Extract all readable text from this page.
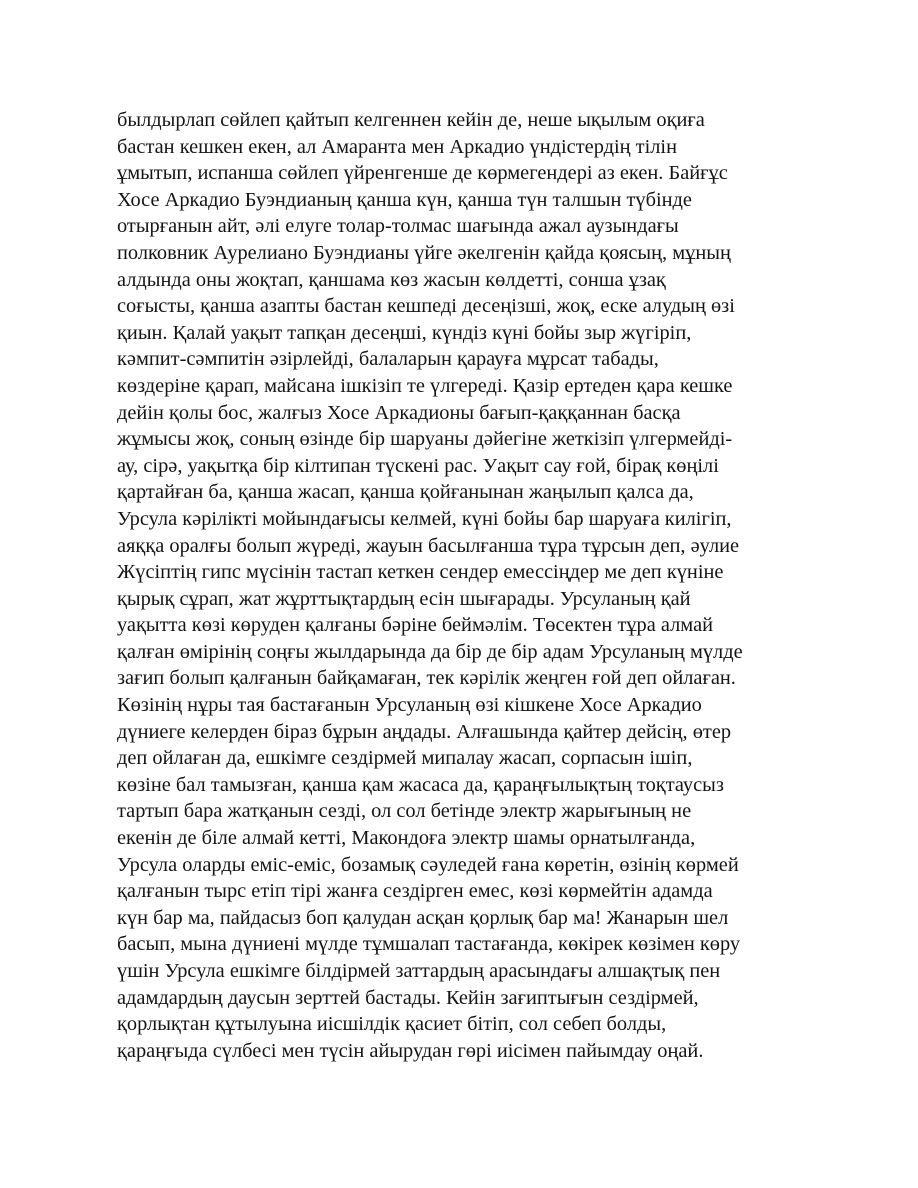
былдырлап сөйлеп қайтып келгеннен кейін де, неше ықылым оқиға
бастан кешкен екен, ал Амаранта мен Аркадио үндістердің тілін
ұмытып, испанша сөйлеп үйренгенше де көрмегендері аз екен. Байғұс
Хосе Аркадио Буэндианың қанша күн, қанша түн талшын түбінде
отырғанын айт, әлі елуге толар-толмас шағында ажал аузындағы
полковник Аурелиано Буэндианы үйге әкелгенін қайда қоясың, мұның
алдында оны жоқтап, қаншама көз жасын көлдетті, сонша ұзақ
соғысты, қанша азапты бастан кешпеді десеңізші, жоқ, еске алудың өзі
қиын. Қалай уақыт тапқан десеңші, күндіз күні бойы зыр жүгіріп,
кәмпит-сәмпитін әзірлейді, балаларын қарауға мұрсат табады,
көздеріне қарап, майсана ішкізіп те үлгереді. Қазір ертеден қара кешке
дейін қолы бос, жалғыз Хосе Аркадионы бағып-қаққаннан басқа
жұмысы жоқ, соның өзінде бір шаруаны дәйегіне жеткізіп үлгермейді-
ау, сірә, уақытқа бір кілтипан түскені рас. Уақыт сау ғой, бірақ көңілі
қартайған ба, қанша жасап, қанша қойғанынан жаңылып қалса да,
Урсула кәрілікті мойындағысы келмей, күні бойы бар шаруаға килігіп,
аяққа оралғы болып жүреді, жауын басылғанша тұра тұрсын деп, әулие
Жүсіптің гипс мүсінін тастап кеткен сендер емессіңдер ме деп күніне
қырық сұрап, жат жұрттықтардың есін шығарады. Урсуланың қай
уақытта көзі көруден қалғаны бәріне беймәлім. Төсектен тұра алмай
қалған өмірінің соңғы жылдарында да бір де бір адам Урсуланың мүлде
зағип болып қалғанын байқамаған, тек кәрілік жеңген ғой деп ойлаған.
Көзінің нұры тая бастағанын Урсуланың өзі кішкене Хосе Аркадио
дүниеге келерден біраз бұрын аңдады. Алғашында қайтер дейсің, өтер
деп ойлаған да, ешкімге сездірмей мипалау жасап, сорпасын ішіп,
көзіне бал тамызған, қанша қам жасаса да, қараңғылықтың тоқтаусыз
тартып бара жатқанын сезді, ол сол бетінде электр жарығының не
екенін де біле алмай кетті, Макондоға электр шамы орнатылғанда,
Урсула оларды еміс-еміс, бозамық сәуледей ғана көретін, өзінің көрмей
қалғанын тырс етіп тірі жанға сездірген емес, көзі көрмейтін адамда
күн бар ма, пайдасыз боп қалудан асқан қорлық бар ма! Жанарын шел
басып, мына дүниені мүлде тұмшалап тастағанда, көкірек көзімен көру
үшін Урсула ешкімге білдірмей заттардың арасындағы алшақтық пен
адамдардың даусын зерттей бастады. Кейін зағиптығын сездірмей,
қорлықтан құтылуына иісшілдік қасиет бітіп, сол себеп болды,
қараңғыда сүлбесі мен түсін айырудан гөрі иісімен пайымдау оңай.
